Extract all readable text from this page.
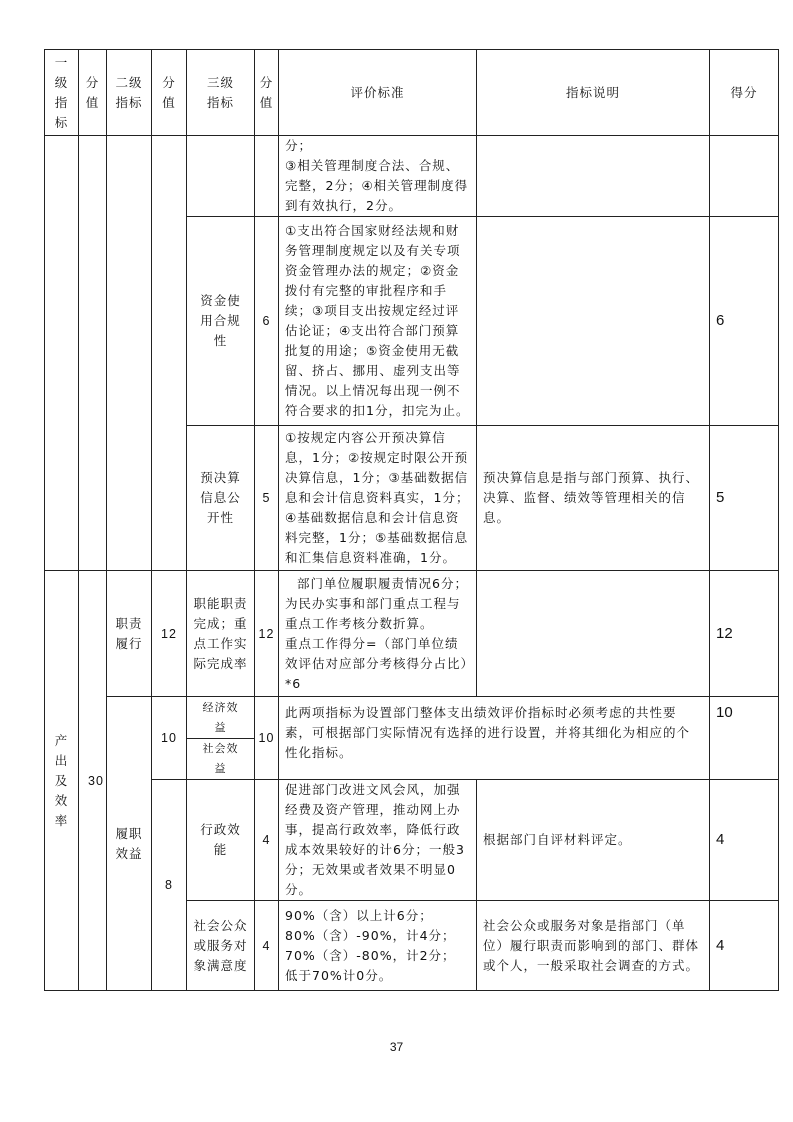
一级指标	分值	二级指标	分值	三级指标	分值	评价标准	指标说明	得分

						分；
③相关管理制度合法、合规、完整，2分；④相关管理制度得到有效执行，2分。		

				资金使用合规性	6	①支出符合国家财经法规和财务管理制度规定以及有关专项资金管理办法的规定；②资金拨付有完整的审批程序和手续；③项目支出按规定经过评估论证；④支出符合部门预算批复的用途；⑤资金使用无截留、挤占、挪用、虚列支出等情况。以上情况每出现一例不符合要求的扣1分，扣完为止。		6
				预决算信息公开性	5	①按规定内容公开预决算信息，1分；②按规定时限公开预决算信息，1分；③基础数据信息和会计信息资料真实，1分；④基础数据信息和会计信息资料完整，1分；⑤基础数据信息和汇集信息资料准确，1分。	预决算信息是指与部门预算、执行、决算、监督、绩效等管理相关的信息。	5
产出及效率	30	职责履行	12	职能职责完成；重点工作实际完成率	12	部门单位履职履责情况6分；为民办实事和部门重点工程与重点工作考核分数折算。
重点工作得分=（部门单位绩效评估对应部分考核得分占比）*6		12
		履职效益	10	经济效益	10	此两项指标为设置部门整体支出绩效评价指标时必须考虑的共性要素，可根据部门实际情况有选择的进行设置，并将其细化为相应的个性化指标。		10
				社会效益				
			8	行政效能	4	促进部门改进文风会风，加强经费及资产管理，推动网上办事，提高行政效率，降低行政成本效果较好的计6分；一般3分；无效果或者效果不明显0分。	根据部门自评材料评定。	4
				社会公众或服务对象满意度	4	90%（含）以上计6分；
80%（含）-90%，计4分；
70%（含）-80%，计2分；
低于70%计0分。	社会公众或服务对象是指部门（单位）履行职责而影响到的部门、群体或个人，一般采取社会调查的方式。	4
37
